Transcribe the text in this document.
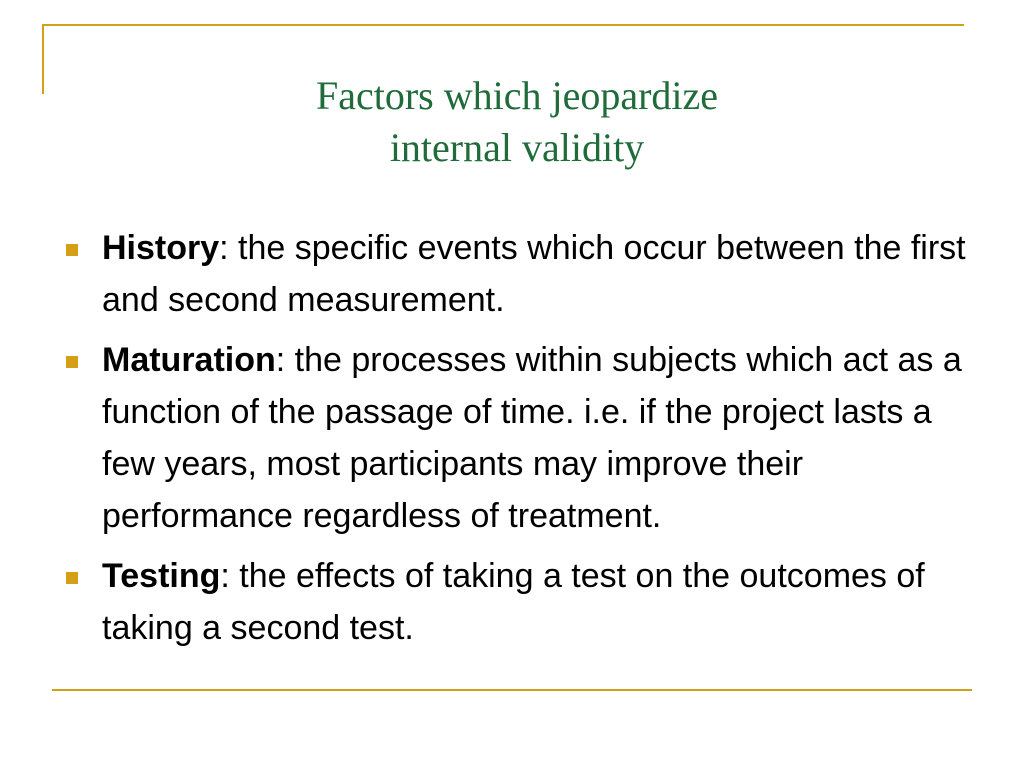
Factors which jeopardize
internal validity
History: the specific events which occur between the first and second measurement.
Maturation: the processes within subjects which act as a function of the passage of time. i.e. if the project lasts a few years, most participants may improve their performance regardless of treatment.
Testing: the effects of taking a test on the outcomes of taking a second test.
